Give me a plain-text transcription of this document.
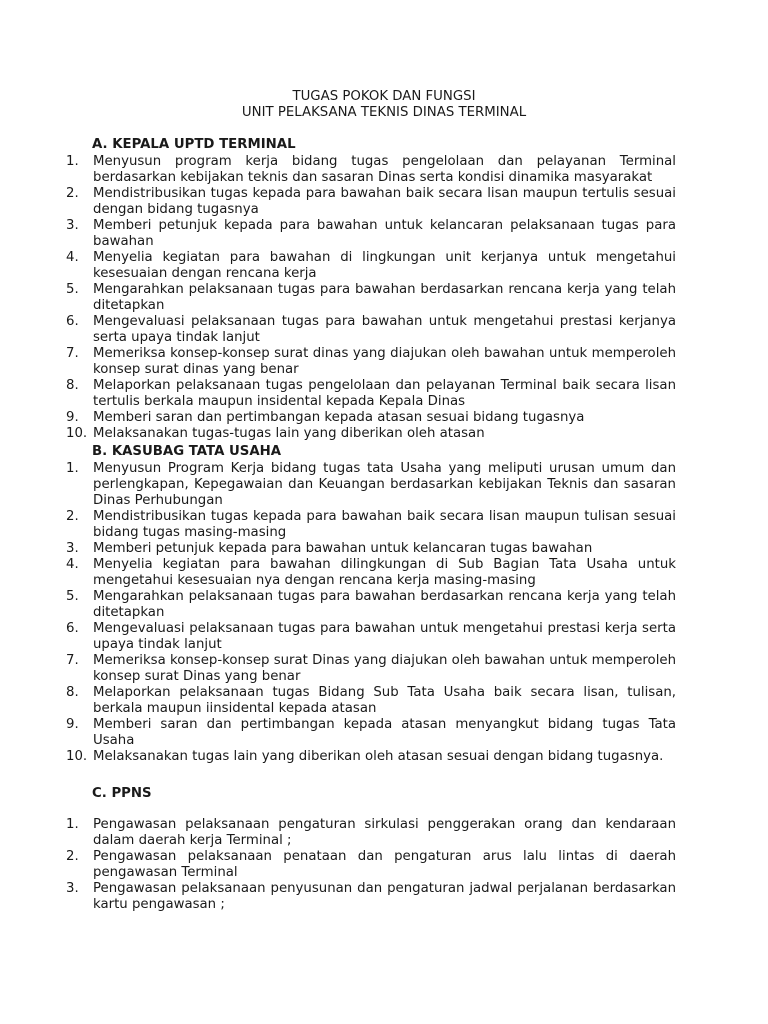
TUGAS POKOK DAN FUNGSI
UNIT PELAKSANA TEKNIS DINAS TERMINAL
A. KEPALA UPTD TERMINAL
1.	Menyusun program kerja bidang tugas pengelolaan dan pelayanan Terminal berdasarkan kebijakan teknis dan sasaran Dinas serta kondisi dinamika masyarakat
2.	Mendistribusikan tugas kepada para bawahan baik secara lisan maupun tertulis sesuai dengan bidang tugasnya
3.	Memberi petunjuk kepada para bawahan untuk kelancaran pelaksanaan tugas para bawahan
4.	Menyelia kegiatan para bawahan di lingkungan unit kerjanya untuk mengetahui kesesuaian dengan rencana kerja
5.	Mengarahkan pelaksanaan tugas para bawahan berdasarkan rencana kerja yang telah ditetapkan
6.	Mengevaluasi pelaksanaan tugas para bawahan untuk mengetahui prestasi kerjanya serta upaya tindak lanjut
7.	Memeriksa konsep-konsep surat dinas yang diajukan oleh bawahan untuk memperoleh konsep surat dinas yang benar
8.	Melaporkan pelaksanaan tugas pengelolaan dan pelayanan Terminal baik secara lisan tertulis berkala maupun insidental kepada Kepala Dinas
9.	Memberi saran dan pertimbangan kepada atasan sesuai bidang tugasnya
10. Melaksanakan tugas-tugas lain yang diberikan oleh atasan
B. KASUBAG TATA USAHA
1.	Menyusun Program Kerja bidang tugas tata Usaha yang meliputi urusan umum dan perlengkapan, Kepegawaian dan Keuangan berdasarkan kebijakan Teknis dan sasaran Dinas Perhubungan
2.	Mendistribusikan tugas kepada para bawahan baik secara lisan maupun tulisan sesuai bidang tugas masing-masing
3.	Memberi petunjuk kepada para bawahan untuk kelancaran tugas bawahan
4.	Menyelia kegiatan para bawahan dilingkungan di Sub Bagian Tata Usaha untuk mengetahui kesesuaian nya dengan rencana kerja masing-masing
5.	Mengarahkan pelaksanaan tugas para bawahan berdasarkan rencana kerja yang telah ditetapkan
6.	Mengevaluasi pelaksanaan tugas para bawahan untuk mengetahui prestasi kerja serta upaya tindak lanjut
7.	Memeriksa konsep-konsep surat Dinas yang diajukan oleh bawahan untuk memperoleh konsep surat Dinas yang benar
8.	Melaporkan pelaksanaan tugas Bidang Sub Tata Usaha baik secara lisan, tulisan, berkala maupun iinsidental kepada atasan
9.	Memberi saran dan pertimbangan kepada atasan menyangkut bidang tugas Tata Usaha
10. Melaksanakan tugas lain yang diberikan oleh atasan sesuai dengan bidang tugasnya.
C. PPNS
1.	Pengawasan pelaksanaan pengaturan sirkulasi penggerakan orang dan kendaraan dalam daerah kerja Terminal ;
2.	Pengawasan pelaksanaan penataan dan pengaturan arus lalu lintas di daerah pengawasan Terminal
3.	Pengawasan pelaksanaan penyusunan dan pengaturan jadwal perjalanan berdasarkan kartu pengawasan ;
